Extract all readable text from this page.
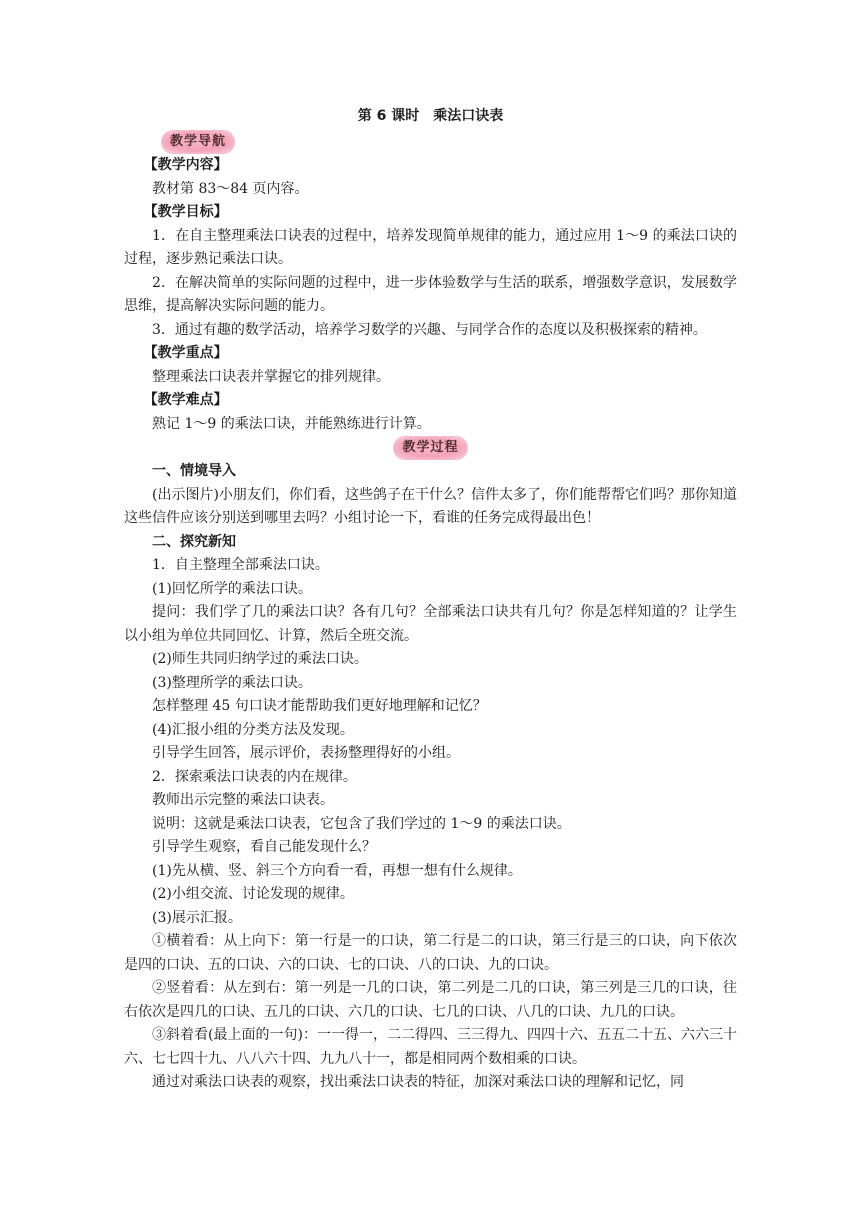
第 6 课时　乘法口诀表
教学导航

【教学内容】

教材第 83～84 页内容。

【教学目标】

1．在自主整理乘法口诀表的过程中，培养发现简单规律的能力，通过应用 1～9 的乘法口诀的过程，逐步熟记乘法口诀。

2．在解决简单的实际问题的过程中，进一步体验数学与生活的联系，增强数学意识，发展数学思维，提高解决实际问题的能力。

3．通过有趣的数学活动，培养学习数学的兴趣、与同学合作的态度以及积极探索的精神。

【教学重点】

整理乘法口诀表并掌握它的排列规律。

【教学难点】

熟记 1～9 的乘法口诀，并能熟练进行计算。

教学过程

一、情境导入

(出示图片)小朋友们，你们看，这些鸽子在干什么？信件太多了，你们能帮帮它们吗？那你知道这些信件应该分别送到哪里去吗？小组讨论一下，看谁的任务完成得最出色！

二、探究新知

1．自主整理全部乘法口诀。

(1)回忆所学的乘法口诀。

提问：我们学了几的乘法口诀？各有几句？全部乘法口诀共有几句？你是怎样知道的？让学生以小组为单位共同回忆、计算，然后全班交流。

(2)师生共同归纳学过的乘法口诀。

(3)整理所学的乘法口诀。

怎样整理 45 句口诀才能帮助我们更好地理解和记忆？

(4)汇报小组的分类方法及发现。

引导学生回答，展示评价，表扬整理得好的小组。

2．探索乘法口诀表的内在规律。

教师出示完整的乘法口诀表。

说明：这就是乘法口诀表，它包含了我们学过的 1～9 的乘法口诀。

引导学生观察，看自己能发现什么？

(1)先从横、竖、斜三个方向看一看，再想一想有什么规律。

(2)小组交流、讨论发现的规律。

(3)展示汇报。

①横着看：从上向下：第一行是一的口诀，第二行是二的口诀，第三行是三的口诀，向下依次是四的口诀、五的口诀、六的口诀、七的口诀、八的口诀、九的口诀。

②竖着看：从左到右：第一列是一几的口诀，第二列是二几的口诀，第三列是三几的口诀，往右依次是四几的口诀、五几的口诀、六几的口诀、七几的口诀、八几的口诀、九几的口诀。

③斜着看(最上面的一句)：一一得一，二二得四、三三得九、四四十六、五五二十五、六六三十六、七七四十九、八八六十四、九九八十一，都是相同两个数相乘的口诀。

通过对乘法口诀表的观察，找出乘法口诀表的特征，加深对乘法口诀的理解和记忆，同
